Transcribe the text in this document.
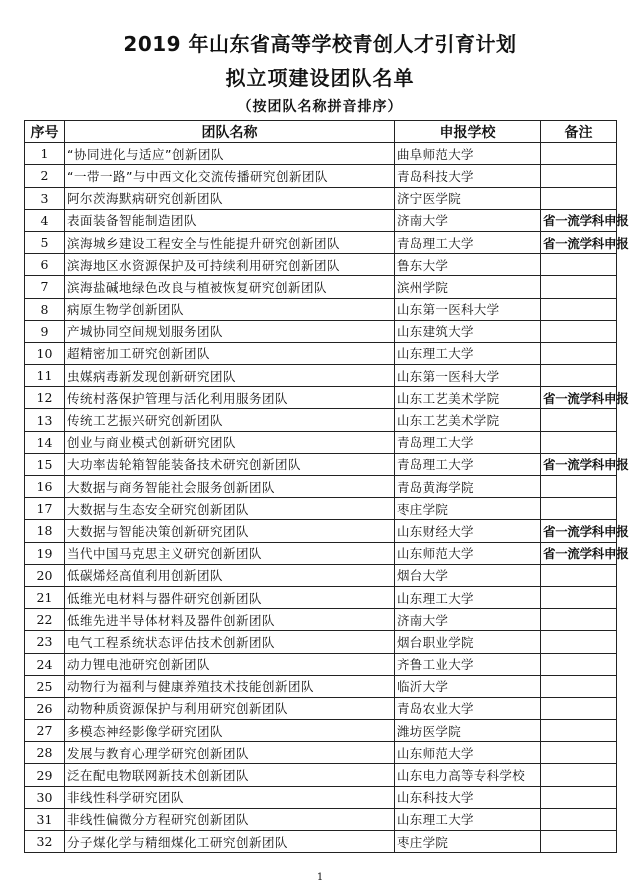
2019 年山东省高等学校青创人才引育计划
拟立项建设团队名单
（按团队名称拼音排序）
序号	团队名称	申报学校	备注
1	“协同进化与适应”创新团队	曲阜师范大学	
2	“一带一路”与中西文化交流传播研究创新团队	青岛科技大学	
3	阿尔茨海默病研究创新团队	济宁医学院	
4	表面装备智能制造团队	济南大学	省一流学科申报
5	滨海城乡建设工程安全与性能提升研究创新团队	青岛理工大学	省一流学科申报
6	滨海地区水资源保护及可持续利用研究创新团队	鲁东大学	
7	滨海盐碱地绿色改良与植被恢复研究创新团队	滨州学院	
8	病原生物学创新团队	山东第一医科大学	
9	产城协同空间规划服务团队	山东建筑大学	
10	超精密加工研究创新团队	山东理工大学	
11	虫媒病毒新发现创新研究团队	山东第一医科大学	
12	传统村落保护管理与活化利用服务团队	山东工艺美术学院	省一流学科申报
13	传统工艺振兴研究创新团队	山东工艺美术学院	
14	创业与商业模式创新研究团队	青岛理工大学	
15	大功率齿轮箱智能装备技术研究创新团队	青岛理工大学	省一流学科申报
16	大数据与商务智能社会服务创新团队	青岛黄海学院	
17	大数据与生态安全研究创新团队	枣庄学院	
18	大数据与智能决策创新研究团队	山东财经大学	省一流学科申报
19	当代中国马克思主义研究创新团队	山东师范大学	省一流学科申报
20	低碳烯烃高值利用创新团队	烟台大学	
21	低维光电材料与器件研究创新团队	山东理工大学	
22	低维先进半导体材料及器件创新团队	济南大学	
23	电气工程系统状态评估技术创新团队	烟台职业学院	
24	动力锂电池研究创新团队	齐鲁工业大学	
25	动物行为福利与健康养殖技术技能创新团队	临沂大学	
26	动物种质资源保护与利用研究创新团队	青岛农业大学	
27	多模态神经影像学研究团队	潍坊医学院	
28	发展与教育心理学研究创新团队	山东师范大学	
29	泛在配电物联网新技术创新团队	山东电力高等专科学校	
30	非线性科学研究团队	山东科技大学	
31	非线性偏微分方程研究创新团队	山东理工大学	
32	分子煤化学与精细煤化工研究创新团队	枣庄学院	
1
